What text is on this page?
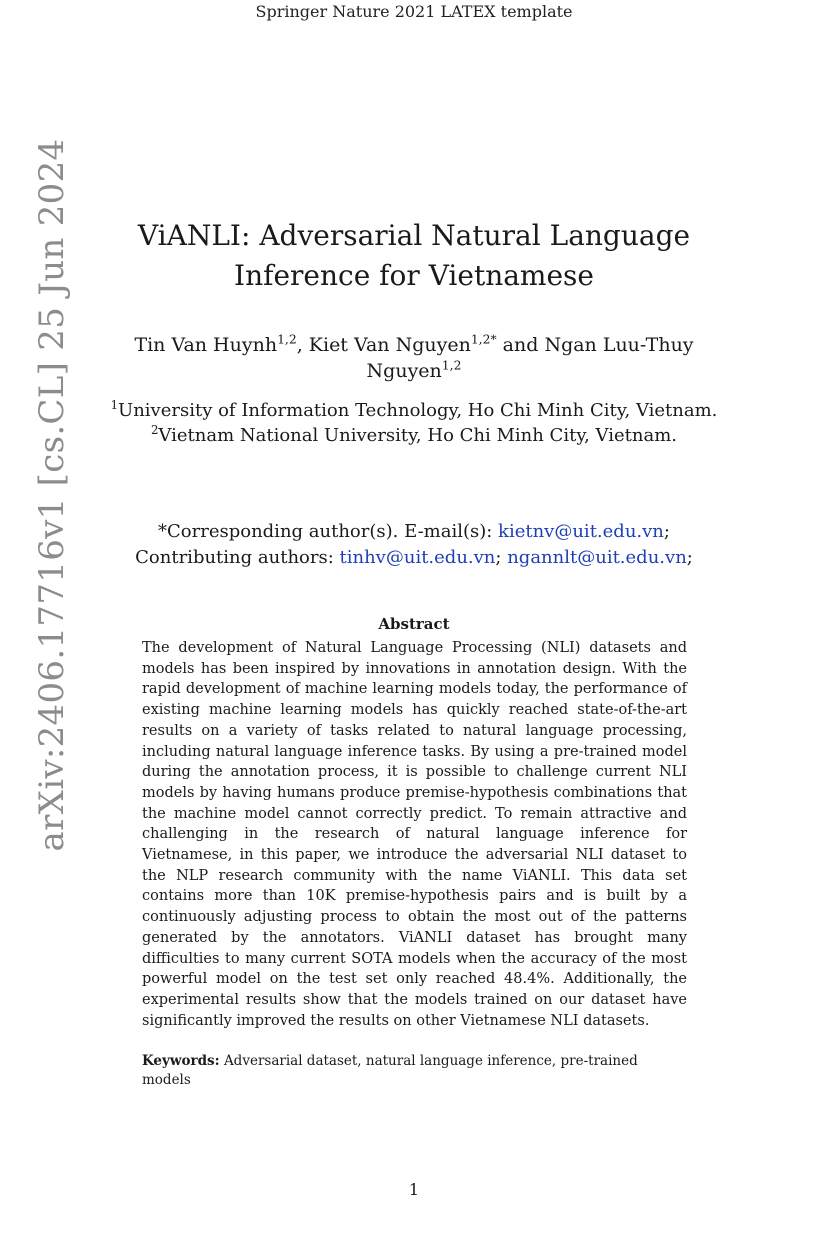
Springer Nature 2021 LATEX template
arXiv:2406.17716v1 [cs.CL] 25 Jun 2024	ViANLI: Adversarial Natural Language
Inference for Vietnamese
Tin Van Huynh$^{1,2}$, Kiet Van Nguyen$^{1,2*}$ and Ngan Luu-Thuy Nguyen$^{1,2}$
$^1$University of Information Technology, Ho Chi Minh City, Vietnam.
$^2$Vietnam National University, Ho Chi Minh City, Vietnam.
*Corresponding author(s). E-mail(s): kietnv@uit.edu.vn;
Contributing authors: tinhv@uit.edu.vn; ngannlt@uit.edu.vn;
Abstract
The development of Natural Language Processing (NLI) datasets and models has been inspired by innovations in annotation design. With the rapid development of machine learning models today, the performance of existing machine learning models has quickly reached state-of-the-art results on a variety of tasks related to natural language processing, including natural language inference tasks. By using a pre-trained model during the annotation process, it is possible to challenge current NLI models by having humans produce premise-hypothesis combinations that the machine model cannot correctly predict. To remain attractive and challenging in the research of natural language inference for Vietnamese, in this paper, we introduce the adversarial NLI dataset to the NLP research community with the name ViANLI. This data set contains more than 10K premise-hypothesis pairs and is built by a continuously adjusting process to obtain the most out of the patterns generated by the annotators. ViANLI dataset has brought many difficulties to many current SOTA models when the accuracy of the most powerful model on the test set only reached 48.4%. Additionally, the experimental results show that the models trained on our dataset have significantly improved the results on other Vietnamese NLI datasets.
Keywords: Adversarial dataset, natural language inference, pre-trained models
1
